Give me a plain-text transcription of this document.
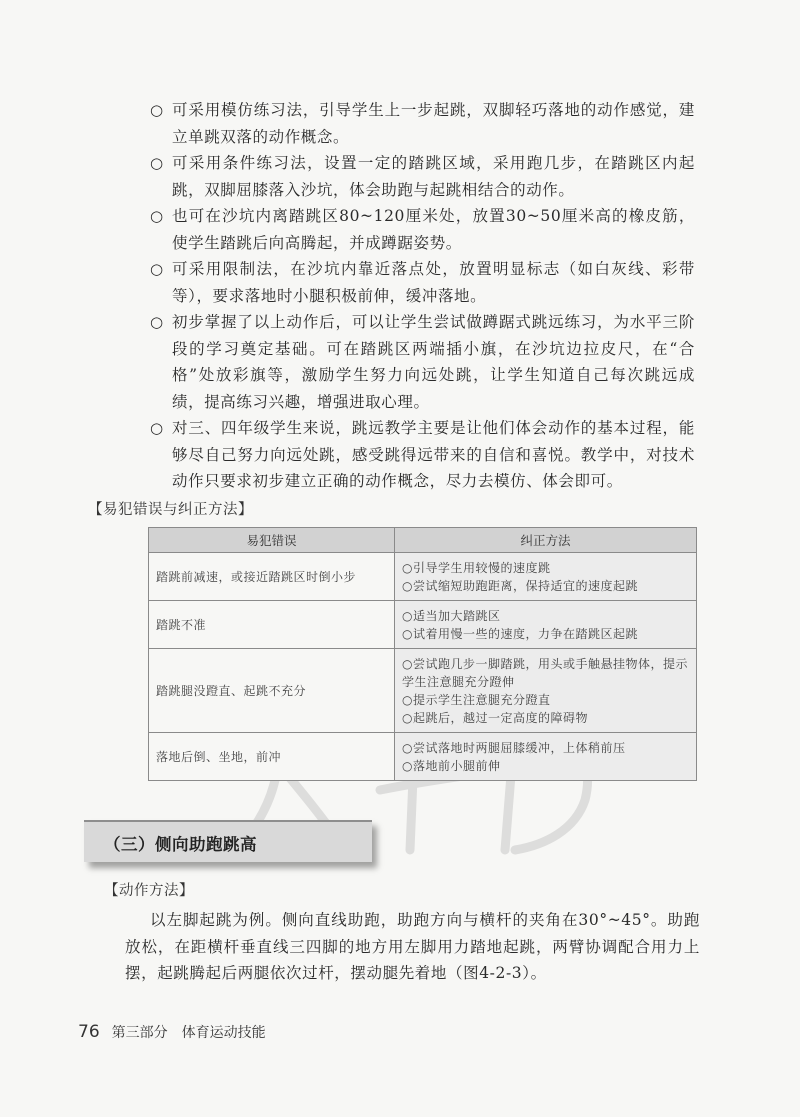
○ 可采用模仿练习法，引导学生上一步起跳，双脚轻巧落地的动作感觉，建立单跳双落的动作概念。

○ 可采用条件练习法，设置一定的踏跳区域，采用跑几步，在踏跳区内起跳，双脚屈膝落入沙坑，体会助跑与起跳相结合的动作。

○ 也可在沙坑内离踏跳区80~120厘米处，放置30~50厘米高的橡皮筋，使学生踏跳后向高腾起，并成蹲踞姿势。

○ 可采用限制法，在沙坑内靠近落点处，放置明显标志（如白灰线、彩带等），要求落地时小腿积极前伸，缓冲落地。

○ 初步掌握了以上动作后，可以让学生尝试做蹲踞式跳远练习，为水平三阶段的学习奠定基础。可在踏跳区两端插小旗，在沙坑边拉皮尺，在“合格”处放彩旗等，激励学生努力向远处跳，让学生知道自己每次跳远成绩，提高练习兴趣，增强进取心理。

○ 对三、四年级学生来说，跳远教学主要是让他们体会动作的基本过程，能够尽自己努力向远处跳，感受跳得远带来的自信和喜悦。教学中，对技术动作只要求初步建立正确的动作概念，尽力去模仿、体会即可。

【易犯错误与纠正方法】
易犯错误	纠正方法
踏跳前减速，或接近踏跳区时倒小步	○引导学生用较慢的速度跳
○尝试缩短助跑距离，保持适宜的速度起跳

踏跳不准	○适当加大踏跳区
○试着用慢一些的速度，力争在踏跳区起跳

踏跳腿没蹬直、起跳不充分	○尝试跑几步一脚踏跳，用头或手触悬挂物体，提示学生注意腿充分蹬伸
○提示学生注意腿充分蹬直
○起跳后，越过一定高度的障碍物

落地后倒、坐地，前冲	○尝试落地时两腿屈膝缓冲，上体稍前压
○落地前小腿前伸
（三）侧向助跑跳高
【动作方法】

以左脚起跳为例。侧向直线助跑，助跑方向与横杆的夹角在30°~45°。助跑放松，在距横杆垂直线三四脚的地方用左脚用力踏地起跳，两臂协调配合用力上摆，起跳腾起后两腿依次过杆，摆动腿先着地（图4-2-3）。

76 第三部分　体育运动技能
